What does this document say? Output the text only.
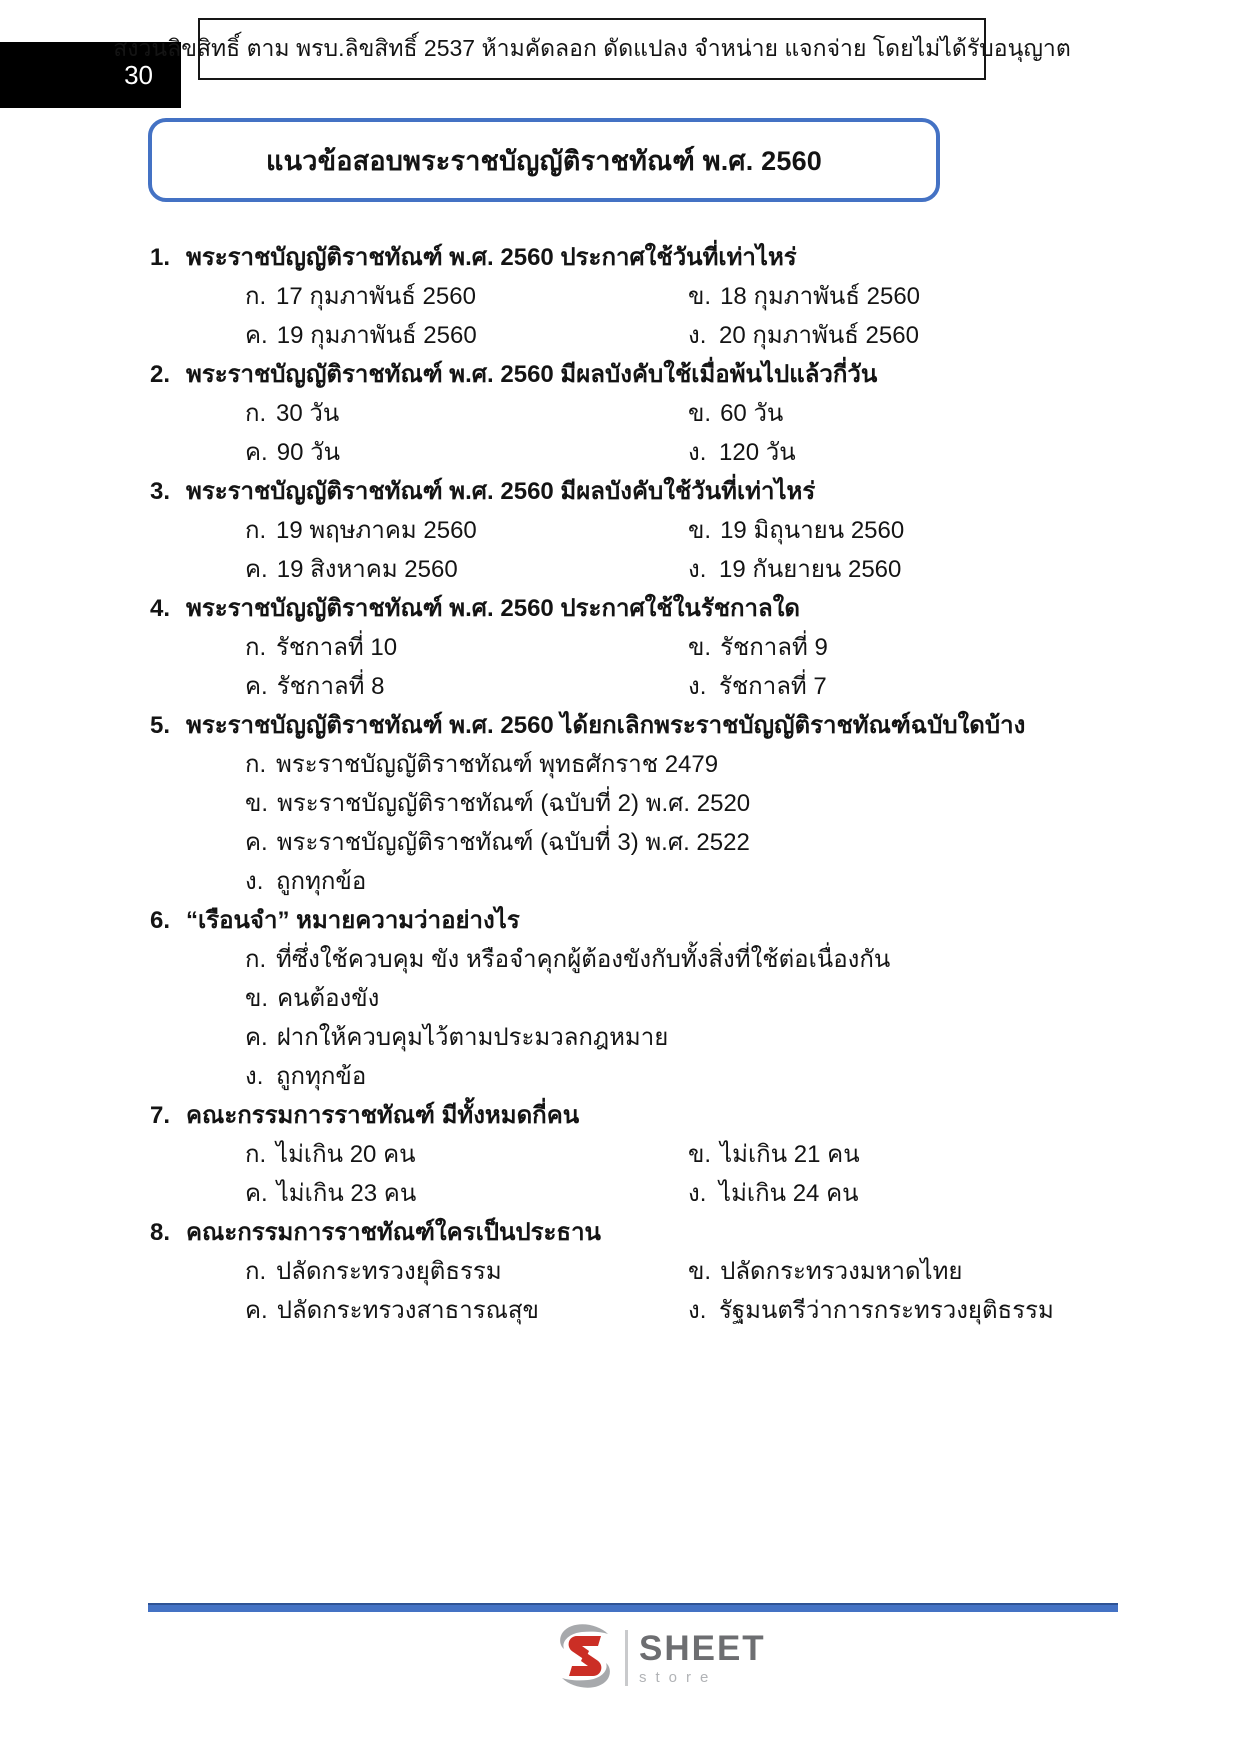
30
สงวนลิขสิทธิ์ ตาม พรบ.ลิขสิทธิ์ 2537 ห้ามคัดลอก ดัดแปลง จำหน่าย แจกจ่าย โดยไม่ได้รับอนุญาต
แนวข้อสอบพระราชบัญญัติราชทัณฑ์ พ.ศ. 2560
1. พระราชบัญญัติราชทัณฑ์ พ.ศ. 2560 ประกาศใช้วันที่เท่าไหร่
ก. 17 กุมภาพันธ์ 2560	ข. 18 กุมภาพันธ์ 2560
ค. 19 กุมภาพันธ์ 2560	ง. 20 กุมภาพันธ์ 2560
2. พระราชบัญญัติราชทัณฑ์ พ.ศ. 2560 มีผลบังคับใช้เมื่อพ้นไปแล้วกี่วัน
ก. 30 วัน	ข. 60 วัน
ค. 90 วัน	ง. 120 วัน
3. พระราชบัญญัติราชทัณฑ์ พ.ศ. 2560 มีผลบังคับใช้วันที่เท่าไหร่
ก. 19 พฤษภาคม 2560	ข. 19 มิถุนายน 2560
ค. 19 สิงหาคม 2560	ง. 19 กันยายน 2560
4. พระราชบัญญัติราชทัณฑ์ พ.ศ. 2560 ประกาศใช้ในรัชกาลใด
ก. รัชกาลที่ 10	ข. รัชกาลที่ 9
ค. รัชกาลที่ 8	ง. รัชกาลที่ 7
5. พระราชบัญญัติราชทัณฑ์ พ.ศ. 2560 ได้ยกเลิกพระราชบัญญัติราชทัณฑ์ฉบับใดบ้าง
ก. พระราชบัญญัติราชทัณฑ์ พุทธศักราช 2479
ข. พระราชบัญญัติราชทัณฑ์ (ฉบับที่ 2) พ.ศ. 2520
ค. พระราชบัญญัติราชทัณฑ์ (ฉบับที่ 3) พ.ศ. 2522
ง. ถูกทุกข้อ
6. “เรือนจำ” หมายความว่าอย่างไร
ก. ที่ซึ่งใช้ควบคุม ขัง หรือจำคุกผู้ต้องขังกับทั้งสิ่งที่ใช้ต่อเนื่องกัน
ข. คนต้องขัง
ค. ฝากให้ควบคุมไว้ตามประมวลกฎหมาย
ง. ถูกทุกข้อ
7. คณะกรรมการราชทัณฑ์ มีทั้งหมดกี่คน
ก. ไม่เกิน 20 คน	ข. ไม่เกิน 21 คน
ค. ไม่เกิน 23 คน	ง. ไม่เกิน 24 คน
8. คณะกรรมการราชทัณฑ์ใครเป็นประธาน
ก. ปลัดกระทรวงยุติธรรม	ข. ปลัดกระทรวงมหาดไทย
ค. ปลัดกระทรวงสาธารณสุข	ง. รัฐมนตรีว่าการกระทรวงยุติธรรม
SHEET
store
